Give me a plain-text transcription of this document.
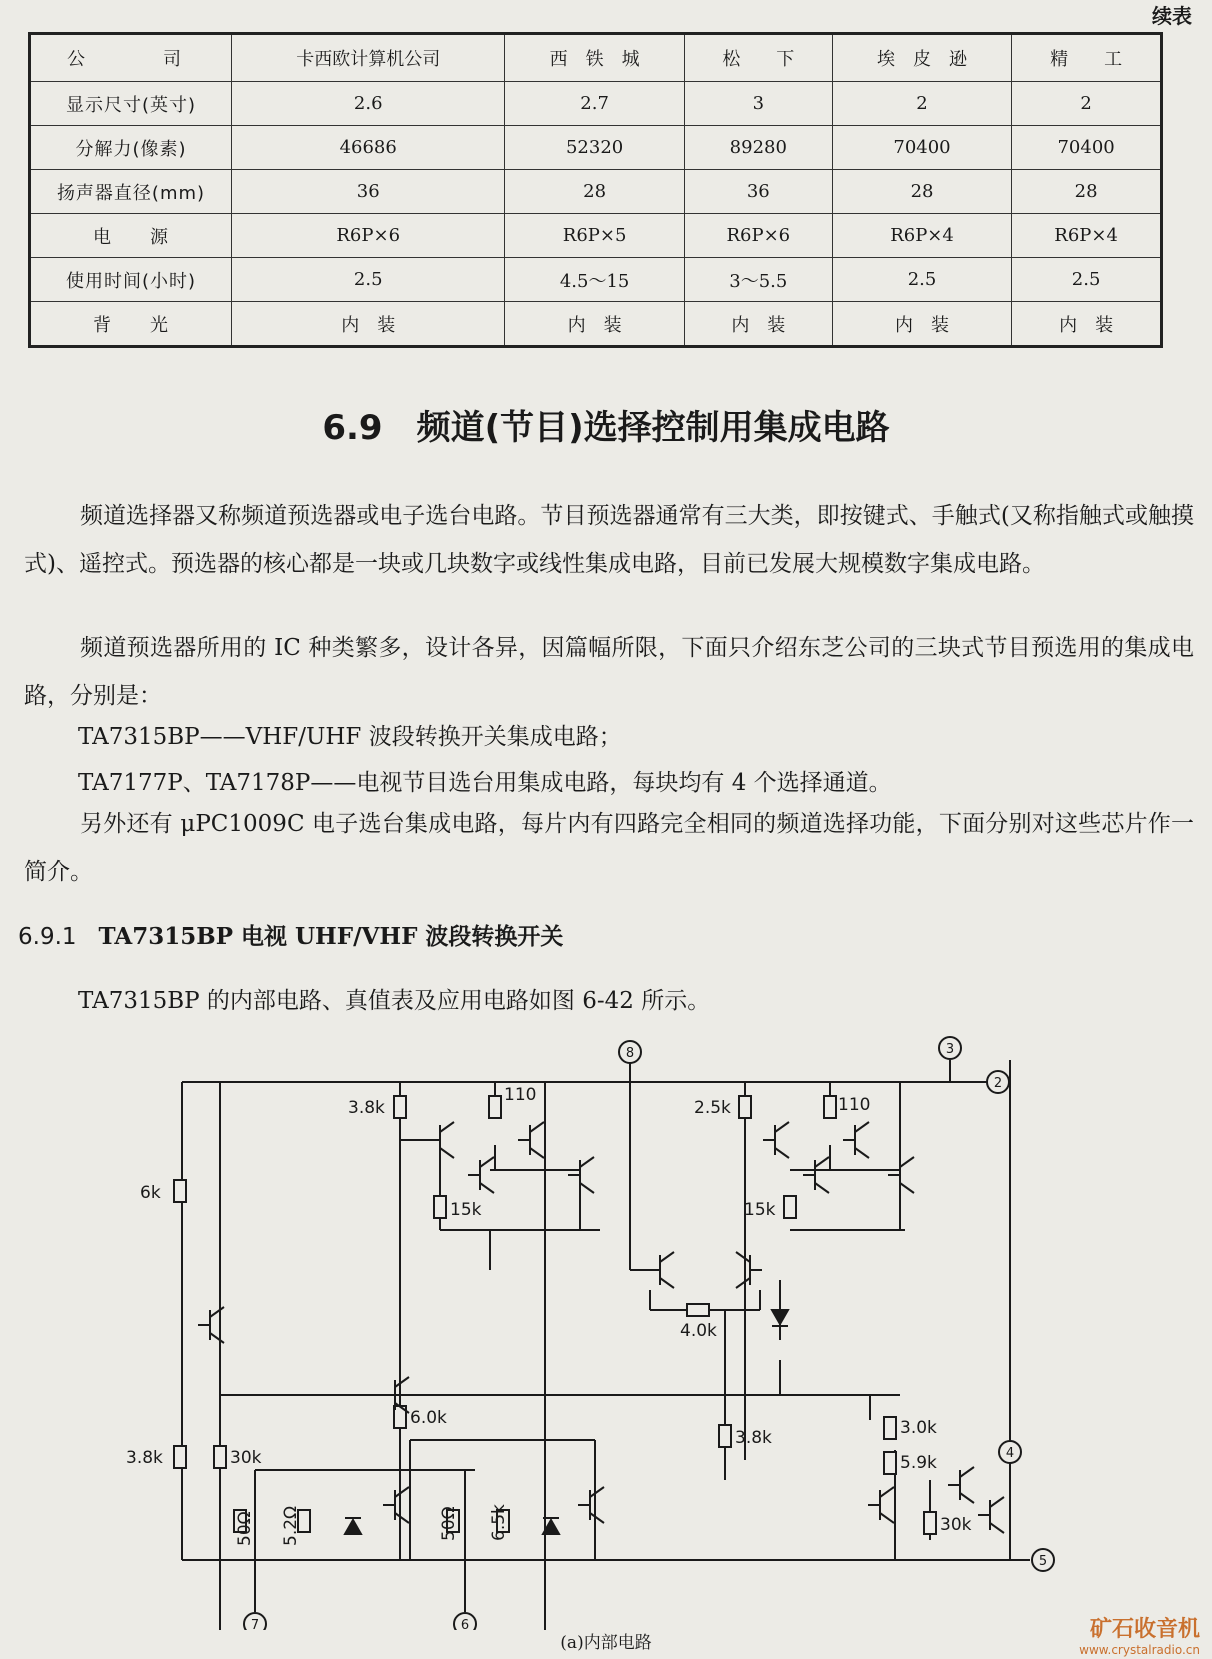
续表
公　　司	卡西欧计算机公司	西　铁　城	松　　下	埃　皮　逊	精　　工
显示尺寸(英寸)	2.6	2.7	3	2	2
分解力(像素)	46686	52320	89280	70400	70400
扬声器直径(mm)	36	28	36	28	28
电　　源	R6P×6	R6P×5	R6P×6	R6P×4	R6P×4
使用时间(小时)	2.5	4.5～15	3～5.5	2.5	2.5
背　　光	内　装	内　装	内　装	内　装	内　装
6.9　频道(节目)选择控制用集成电路

频道选择器又称频道预选器或电子选台电路。节目预选器通常有三大类，即按键式、手触式(又称指触式或触摸式)、遥控式。预选器的核心都是一块或几块数字或线性集成电路，目前已发展大规模数字集成电路。

频道预选器所用的 IC 种类繁多，设计各异，因篇幅所限，下面只介绍东芝公司的三块式节目预选用的集成电路，分别是：

TA7315BP——VHF/UHF 波段转换开关集成电路；

TA7177P、TA7178P——电视节目选台用集成电路，每块均有 4 个选择通道。

另外还有 μPC1009C 电子选台集成电路，每片内有四路完全相同的频道选择功能，下面分别对这些芯片作一简介。

6.9.1 TA7315BP 电视 UHF/VHF 波段转换开关

TA7315BP 的内部电路、真值表及应用电路如图 6-42 所示。

8	3
2
4
5
7	6
3.8k
110
2.5k	110
6k
15k	15k
4.0k
3.8k	3.0k
5.9k
3.8k	30k
6.0k
50Ω 5.2Ω	50Ω 6.5k	30k

(a)内部电路

矿石收音机
www.crystalradio.cn
